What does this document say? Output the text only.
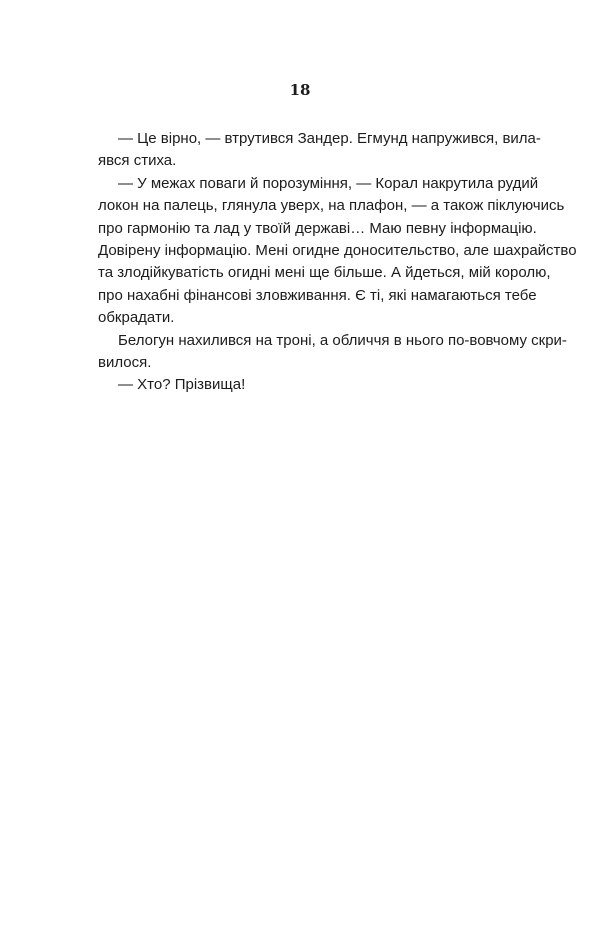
18
— Це вірно, — втрутився Зандер. Егмунд напружився, вила-
явся стиха.
— У межах поваги й порозуміння, — Корал накрутила рудий
локон на палець, глянула уверх, на плафон, — а також піклуючись
про гармонію та лад у твоїй державі… Маю певну інформацію.
Довірену інформацію. Мені огидне доносительство, але шахрайство
та злодійкуватість огидні мені ще більше. А йдеться, мій королю,
про нахабні фінансові зловживання. Є ті, які намагаються тебе
обкрадати.
Белогун нахилився на троні, а обличчя в нього по-вовчому скри-
вилося.
— Хто? Прізвища!
